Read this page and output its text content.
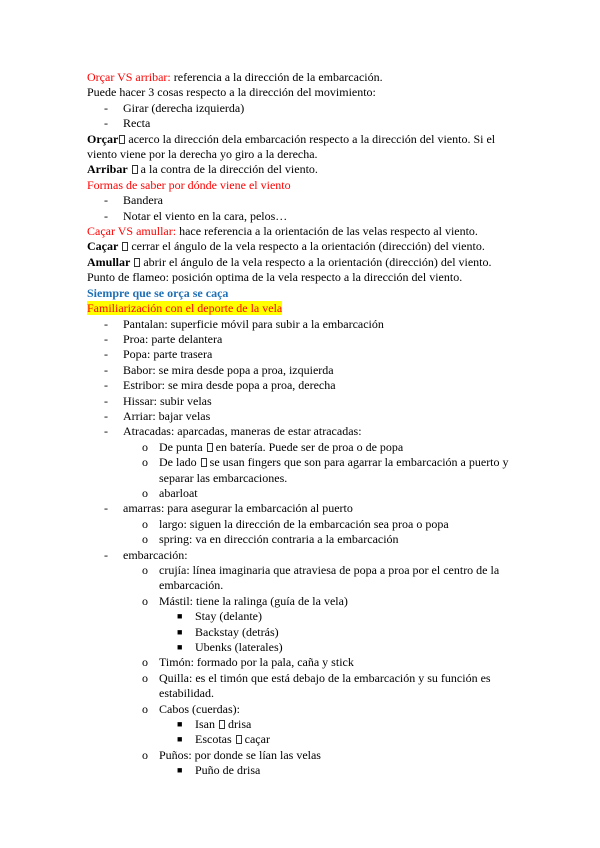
Orçar VS arribar: referencia a la dirección de la embarcación.
Puede hacer 3 cosas respecto a la dirección del movimiento:
- Girar (derecha izquierda)
- Recta
Orçar acerco la dirección dela embarcación respecto a la dirección del viento. Si el viento viene por la derecha yo giro a la derecha.
Arribar a la contra de la dirección del viento.
Formas de saber por dónde viene el viento
- Bandera
- Notar el viento en la cara, pelos…
Caçar VS amullar: hace referencia a la orientación de las velas respecto al viento.
Caçar cerrar el ángulo de la vela respecto a la orientación (dirección) del viento.
Amullar abrir el ángulo de la vela respecto a la orientación (dirección) del viento.
Punto de flameo: posición optima de la vela respecto a la dirección del viento.
Siempre que se orça se caça
Familiarización con el deporte de la vela
- Pantalan: superficie móvil para subir a la embarcación
- Proa: parte delantera
- Popa: parte trasera
- Babor: se mira desde popa a proa, izquierda
- Estribor: se mira desde popa a proa, derecha
- Hissar: subir velas
- Arriar: bajar velas
- Atracadas: aparcadas, maneras de estar atracadas:
o De punta en batería. Puede ser de proa o de popa
o De lado se usan fingers que son para agarrar la embarcación a puerto y separar las embarcaciones.
o abarloat
- amarras: para asegurar la embarcación al puerto
o largo: siguen la dirección de la embarcación sea proa o popa
o spring: va en dirección contraria a la embarcación
- embarcación:
o crujía: línea imaginaria que atraviesa de popa a proa por el centro de la embarcación.
o Mástil: tiene la ralinga (guía de la vela)
■ Stay (delante)
■ Backstay (detrás)
■ Ubenks (laterales)
o Timón: formado por la pala, caña y stick
o Quilla: es el timón que está debajo de la embarcación y su función es estabilidad.
o Cabos (cuerdas):
■ Isan drisa
■ Escotas caçar
o Puños: por donde se lían las velas
■ Puño de drisa
